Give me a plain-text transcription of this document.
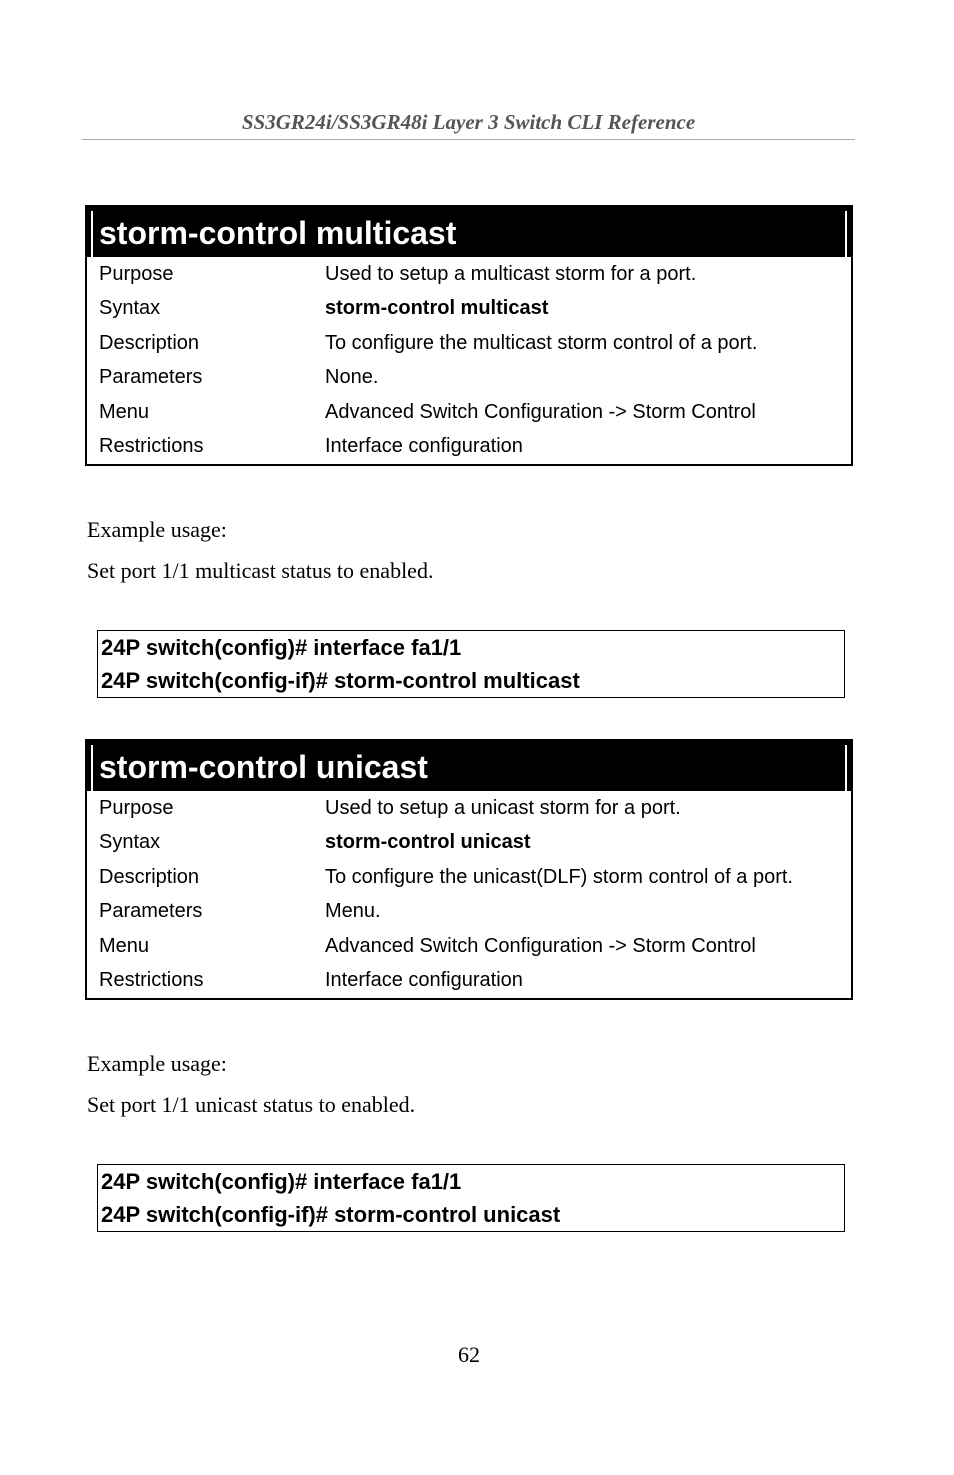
SS3GR24i/SS3GR48i Layer 3 Switch CLI Reference
storm-control multicast
Purpose	Used to setup a multicast storm for a port.
Syntax	storm-control multicast
Description	To configure the multicast storm control of a port.
Parameters	None.
Menu	Advanced Switch Configuration -> Storm Control
Restrictions	Interface configuration
Example usage:
Set port 1/1 multicast status to enabled.
24P switch(config)# interface fa1/1
24P switch(config-if)# storm-control multicast
storm-control unicast
Purpose	Used to setup a unicast storm for a port.
Syntax	storm-control unicast
Description	To configure the unicast(DLF) storm control of a port.
Parameters	Menu.
Menu	Advanced Switch Configuration -> Storm Control
Restrictions	Interface configuration
Example usage:
Set port 1/1 unicast status to enabled.
24P switch(config)# interface fa1/1
24P switch(config-if)# storm-control unicast
62
